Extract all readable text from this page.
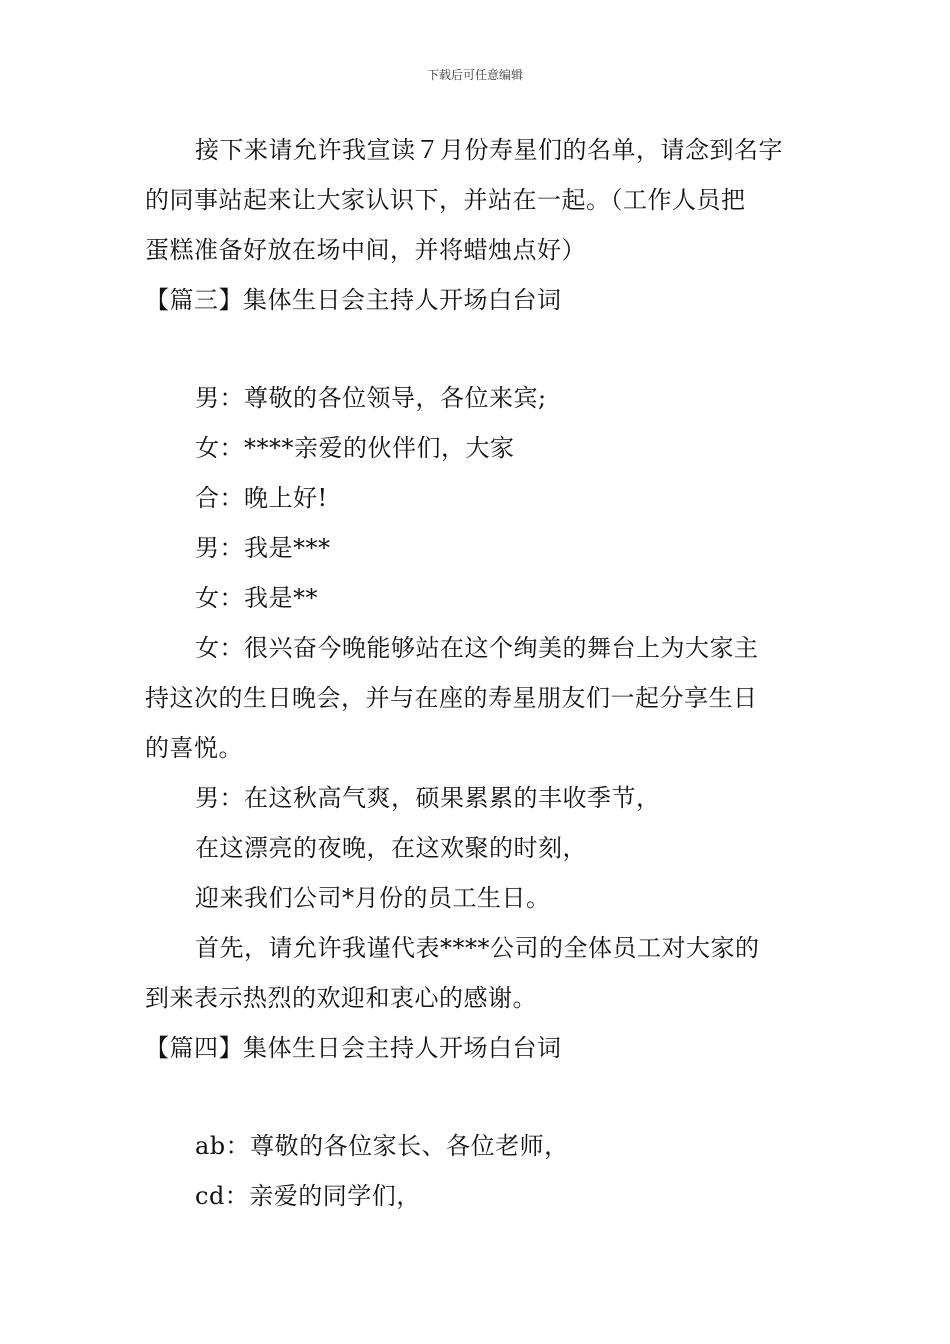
下载后可任意编辑
接下来请允许我宣读７月份寿星们的名单，请念到名字
的同事站起来让大家认识下，并站在一起。（工作人员把
蛋糕准备好放在场中间，并将蜡烛点好）
【篇三】集体生日会主持人开场白台词
男：尊敬的各位领导，各位来宾;
女：****亲爱的伙伴们，大家
合：晚上好!
男：我是***
女：我是**
女：很兴奋今晚能够站在这个绚美的舞台上为大家主
持这次的生日晚会，并与在座的寿星朋友们一起分享生日
的喜悦。
男：在这秋高气爽，硕果累累的丰收季节，
在这漂亮的夜晚，在这欢聚的时刻，
迎来我们公司*月份的员工生日。
首先，请允许我谨代表****公司的全体员工对大家的
到来表示热烈的欢迎和衷心的感谢。
【篇四】集体生日会主持人开场白台词
ab：尊敬的各位家长、各位老师，
cd：亲爱的同学们，
